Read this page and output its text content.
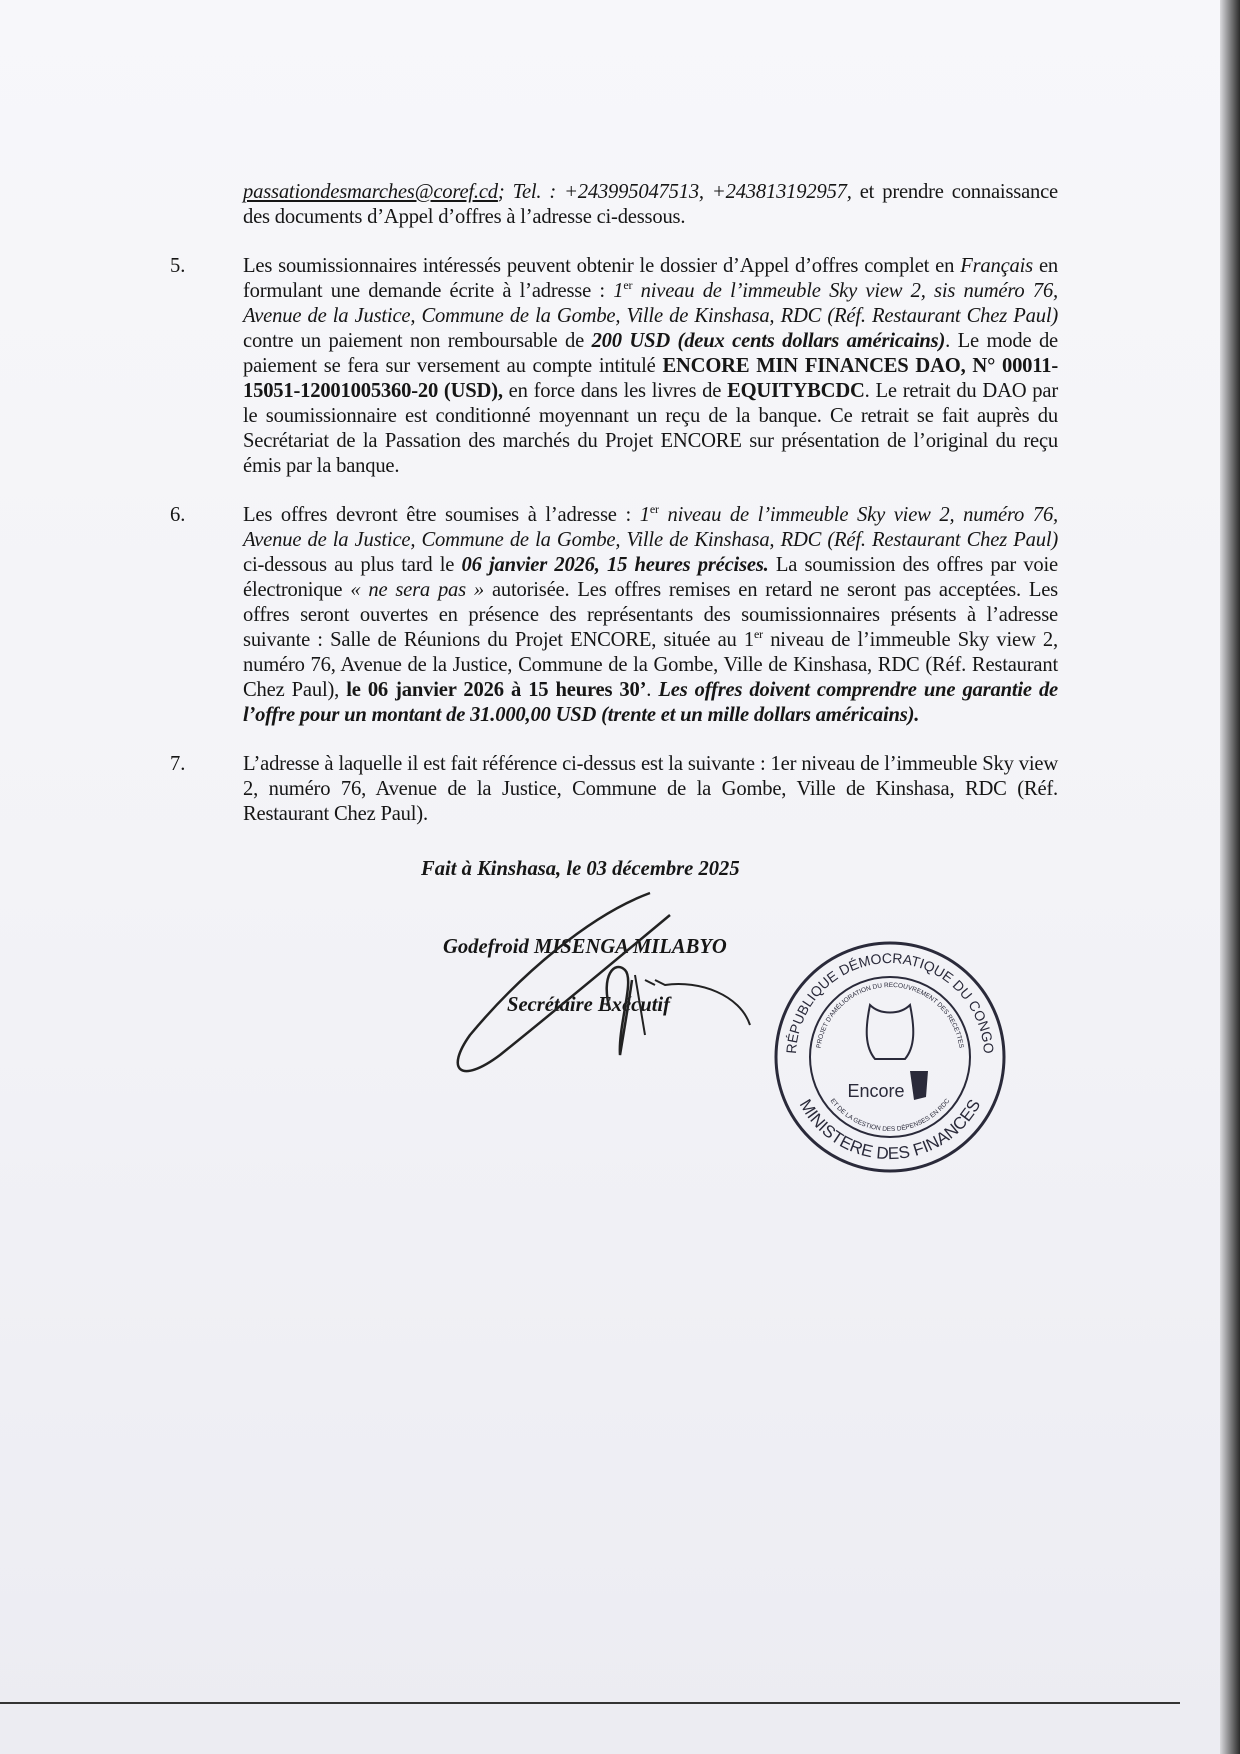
passationdesmarches@coref.cd; Tel. : +243995047513, +243813192957, et prendre connaissance des documents d’Appel d’offres à l’adresse ci-dessous.
5.	Les soumissionnaires intéressés peuvent obtenir le dossier d’Appel d’offres complet en Français en formulant une demande écrite à l’adresse : 1er niveau de l’immeuble Sky view 2, sis numéro 76, Avenue de la Justice, Commune de la Gombe, Ville de Kinshasa, RDC (Réf. Restaurant Chez Paul) contre un paiement non remboursable de 200 USD (deux cents dollars américains). Le mode de paiement se fera sur versement au compte intitulé ENCORE MIN FINANCES DAO, N° 00011-15051-12001005360-20 (USD), en force dans les livres de EQUITYBCDC. Le retrait du DAO par le soumissionnaire est conditionné moyennant un reçu de la banque. Ce retrait se fait auprès du Secrétariat de la Passation des marchés du Projet ENCORE sur présentation de l’original du reçu émis par la banque.
6.	Les offres devront être soumises à l’adresse : 1er niveau de l’immeuble Sky view 2, numéro 76, Avenue de la Justice, Commune de la Gombe, Ville de Kinshasa, RDC (Réf. Restaurant Chez Paul) ci-dessous au plus tard le 06 janvier 2026, 15 heures précises. La soumission des offres par voie électronique « ne sera pas » autorisée. Les offres remises en retard ne seront pas acceptées. Les offres seront ouvertes en présence des représentants des soumissionnaires présents à l’adresse suivante : Salle de Réunions du Projet ENCORE, située au 1er niveau de l’immeuble Sky view 2, numéro 76, Avenue de la Justice, Commune de la Gombe, Ville de Kinshasa, RDC (Réf. Restaurant Chez Paul), le 06 janvier 2026 à 15 heures 30’. Les offres doivent comprendre une garantie de l’offre pour un montant de 31.000,00 USD (trente et un mille dollars américains).
7.	L’adresse à laquelle il est fait référence ci-dessus est la suivante : 1er niveau de l’immeuble Sky view 2, numéro 76, Avenue de la Justice, Commune de la Gombe, Ville de Kinshasa, RDC (Réf. Restaurant Chez Paul).
Fait à Kinshasa, le 03 décembre 2025
Godefroid MISENGA MILABYO
Secrétaire Exécutif
RÉPUBLIQUE DÉMOCRATIQUE DU CONGO
MINISTERE DES FINANCES
PROJET D'AMÉLIORATION DU RECOUVREMENT DES RECETTES
ET DE LA GESTION DES DÉPENSES EN RDC
Encore
